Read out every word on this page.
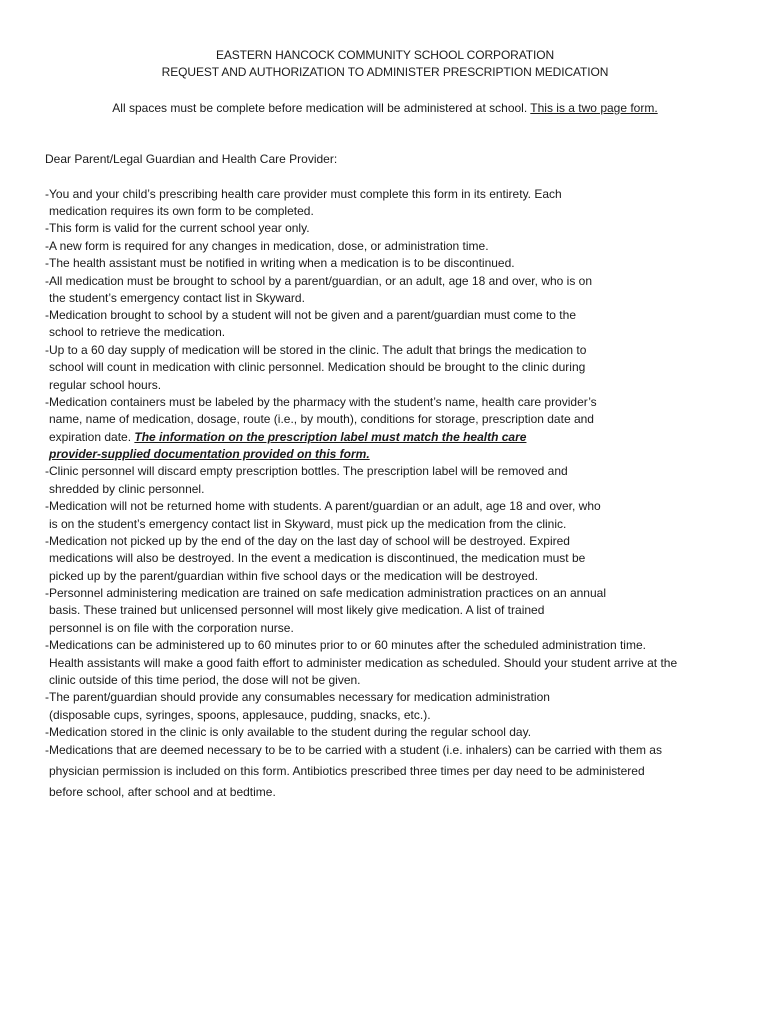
EASTERN HANCOCK COMMUNITY SCHOOL CORPORATION
REQUEST AND AUTHORIZATION TO ADMINISTER PRESCRIPTION MEDICATION
All spaces must be complete before medication will be administered at school. This is a two page form.
Dear Parent/Legal Guardian and Health Care Provider:
-You and your child’s prescribing health care provider must complete this form in its entirety. Each
medication requires its own form to be completed.
-This form is valid for the current school year only.
-A new form is required for any changes in medication, dose, or administration time.
-The health assistant must be notified in writing when a medication is to be discontinued.
-All medication must be brought to school by a parent/guardian, or an adult, age 18 and over, who is on
the student’s emergency contact list in Skyward.
-Medication brought to school by a student will not be given and a parent/guardian must come to the
school to retrieve the medication.
-Up to a 60 day supply of medication will be stored in the clinic. The adult that brings the medication to
school will count in medication with clinic personnel. Medication should be brought to the clinic during
regular school hours.
-Medication containers must be labeled by the pharmacy with the student’s name, health care provider’s
name, name of medication, dosage, route (i.e., by mouth), conditions for storage, prescription date and
expiration date. The information on the prescription label must match the health care
provider-supplied documentation provided on this form.
-Clinic personnel will discard empty prescription bottles. The prescription label will be removed and
shredded by clinic personnel.
-Medication will not be returned home with students. A parent/guardian or an adult, age 18 and over, who
is on the student’s emergency contact list in Skyward, must pick up the medication from the clinic.
-Medication not picked up by the end of the day on the last day of school will be destroyed. Expired
medications will also be destroyed. In the event a medication is discontinued, the medication must be
picked up by the parent/guardian within five school days or the medication will be destroyed.
-Personnel administering medication are trained on safe medication administration practices on an annual
basis. These trained but unlicensed personnel will most likely give medication. A list of trained
personnel is on file with the corporation nurse.
-Medications can be administered up to 60 minutes prior to or 60 minutes after the scheduled administration time.
Health assistants will make a good faith effort to administer medication as scheduled. Should your student arrive at the
clinic outside of this time period, the dose will not be given.
-The parent/guardian should provide any consumables necessary for medication administration
(disposable cups, syringes, spoons, applesauce, pudding, snacks, etc.).
-Medication stored in the clinic is only available to the student during the regular school day.
-Medications that are deemed necessary to be to be carried with a student (i.e. inhalers) can be carried with them as
physician permission is included on this form. Antibiotics prescribed three times per day need to be administered
before school, after school and at bedtime.
